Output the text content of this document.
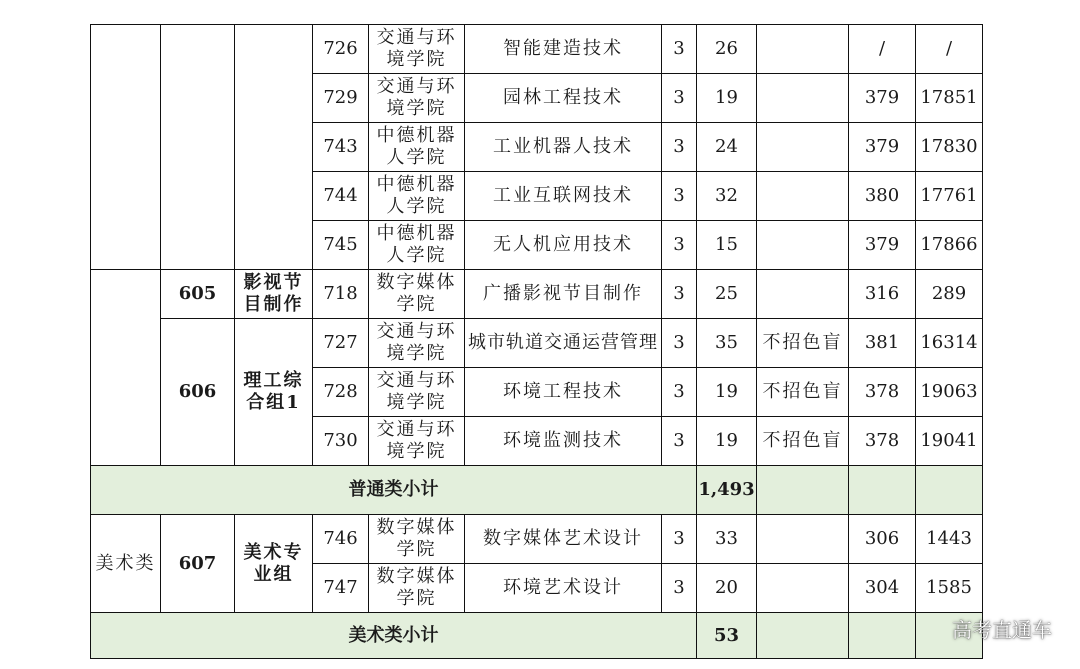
			726	交通与环境学院	智能建造技术	3	26		/	/
			729	交通与环境学院	园林工程技术	3	19		379	17851
			743	中德机器人学院	工业机器人技术	3	24		379	17830
			744	中德机器人学院	工业互联网技术	3	32		380	17761
			745	中德机器人学院	无人机应用技术	3	15		379	17866
	605	影视节目制作	718	数字媒体学院	广播影视节目制作	3	25		316	289
	606	理工综合组1	727	交通与环境学院	城市轨道交通运营管理	3	35	不招色盲	381	16314
			728	交通与环境学院	环境工程技术	3	19	不招色盲	378	19063
			730	交通与环境学院	环境监测技术	3	19	不招色盲	378	19041
普通类小计							1,493			
美术类	607	美术专业组	746	数字媒体学院	数字媒体艺术设计	3	33		306	1443
			747	数字媒体学院	环境艺术设计	3	20		304	1585
美术类小计							53				高考直通车
